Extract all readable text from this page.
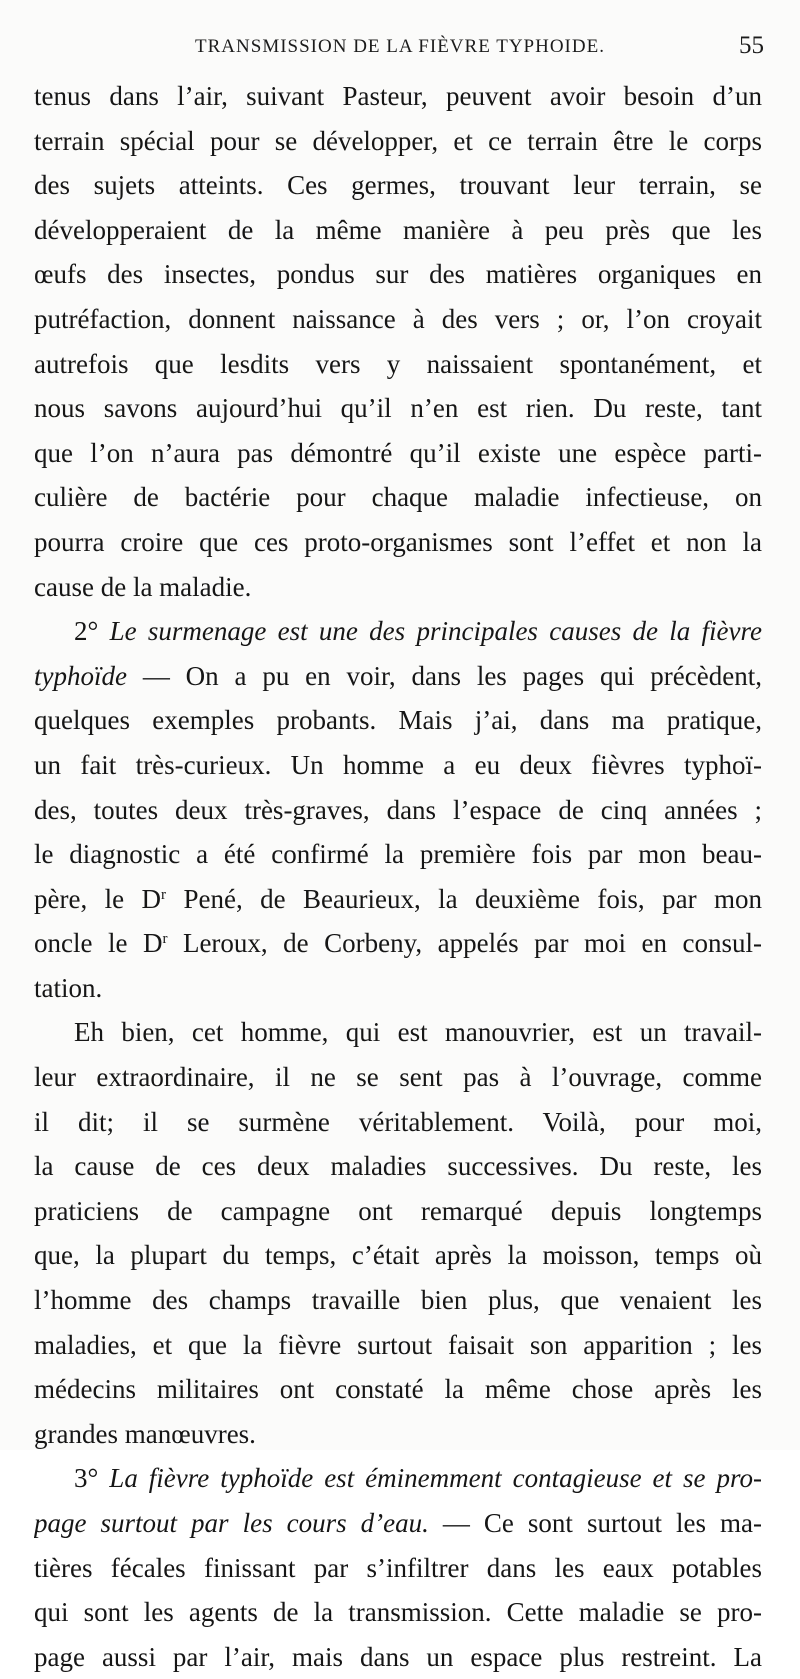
TRANSMISSION DE LA FIÈVRE TYPHOIDE.	55
tenus dans l’air, suivant Pasteur, peuvent avoir besoin d’un
terrain spécial pour se développer, et ce terrain être le corps
des sujets atteints. Ces germes, trouvant leur terrain, se
développeraient de la même manière à peu près que les
œufs des insectes, pondus sur des matières organiques en
putréfaction, donnent naissance à des vers ; or, l’on croyait
autrefois que lesdits vers y naissaient spontanément, et
nous savons aujourd’hui qu’il n’en est rien. Du reste, tant
que l’on n’aura pas démontré qu’il existe une espèce parti-
culière de bactérie pour chaque maladie infectieuse, on
pourra croire que ces proto-organismes sont l’effet et non la
cause de la maladie.
2° Le surmenage est une des principales causes de la fièvre
typhoïde — On a pu en voir, dans les pages qui précèdent,
quelques exemples probants. Mais j’ai, dans ma pratique,
un fait très-curieux. Un homme a eu deux fièvres typhoï-
des, toutes deux très-graves, dans l’espace de cinq années ;
le diagnostic a été confirmé la première fois par mon beau-
père, le $D^r$ Pené, de Beaurieux, la deuxième fois, par mon
oncle le $D^r$ Leroux, de Corbeny, appelés par moi en consul-
tation.
Eh bien, cet homme, qui est manouvrier, est un travail-
leur extraordinaire, il ne se sent pas à l’ouvrage, comme
il dit; il se surmène véritablement. Voilà, pour moi,
la cause de ces deux maladies successives. Du reste, les
praticiens de campagne ont remarqué depuis longtemps
que, la plupart du temps, c’était après la moisson, temps où
l’homme des champs travaille bien plus, que venaient les
maladies, et que la fièvre surtout faisait son apparition ; les
médecins militaires ont constaté la même chose après les
grandes manœuvres.
3° La fièvre typhoïde est éminemment contagieuse et se pro-
page surtout par les cours d’eau. — Ce sont surtout les ma-
tières fécales finissant par s’infiltrer dans les eaux potables
qui sont les agents de la transmission. Cette maladie se pro-
page aussi par l’air, mais dans un espace plus restreint. La
